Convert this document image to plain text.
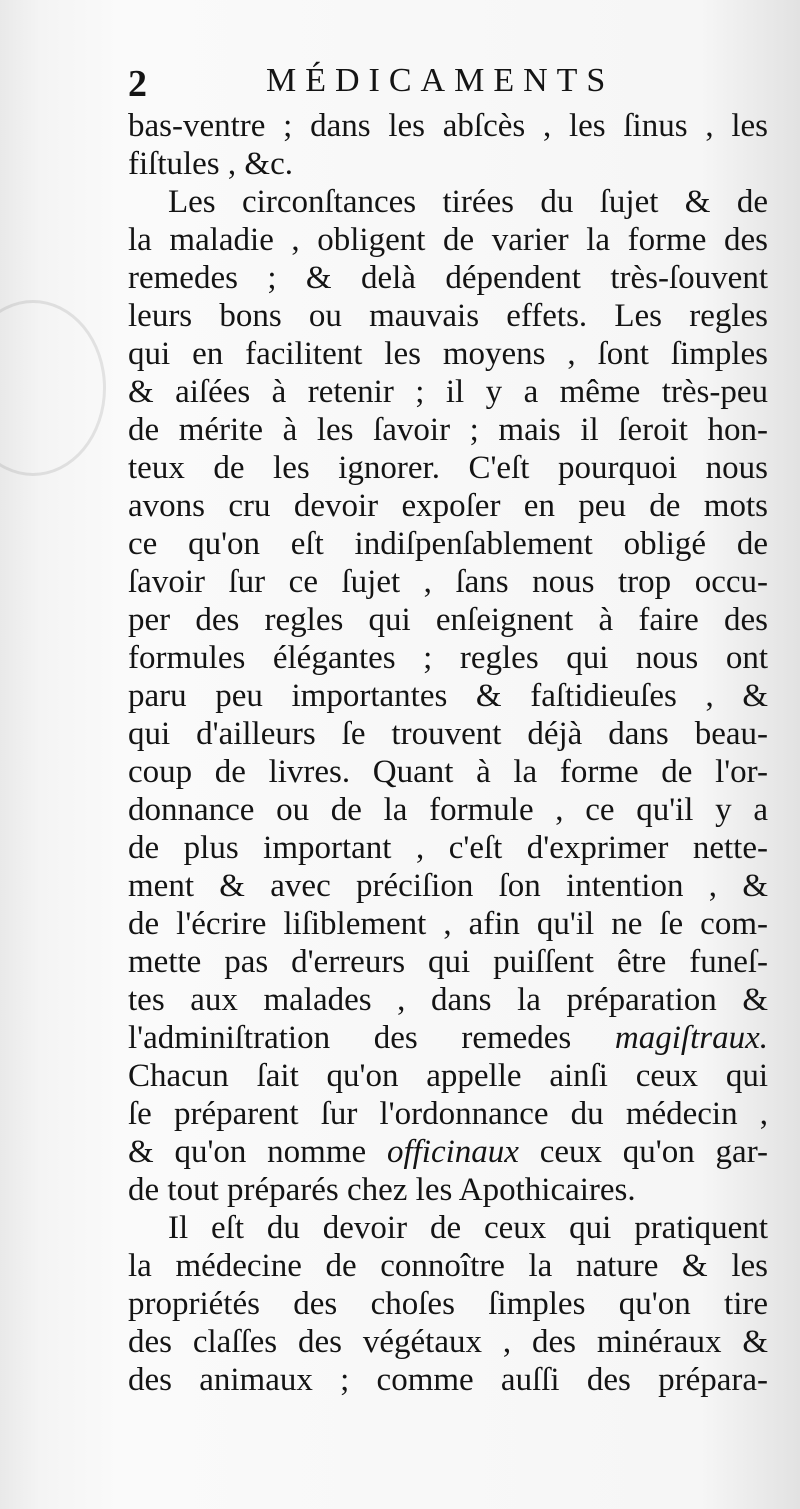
2	MÉDICAMENTS
bas-ventre ; dans les abſcès , les ſinus , les
fiſtules , &c.
Les circonſtances tirées du ſujet & de
la maladie , obligent de varier la forme des
remedes ; & delà dépendent très-ſouvent
leurs bons ou mauvais effets. Les regles
qui en facilitent les moyens , ſont ſimples
& aiſées à retenir ; il y a même très-peu
de mérite à les ſavoir ; mais il ſeroit hon-
teux de les ignorer. C'eſt pourquoi nous
avons cru devoir expoſer en peu de mots
ce qu'on eſt indiſpenſablement obligé de
ſavoir ſur ce ſujet , ſans nous trop occu-
per des regles qui enſeignent à faire des
formules élégantes ; regles qui nous ont
paru peu importantes & faſtidieuſes , &
qui d'ailleurs ſe trouvent déjà dans beau-
coup de livres. Quant à la forme de l'or-
donnance ou de la formule , ce qu'il y a
de plus important , c'eſt d'exprimer nette-
ment & avec préciſion ſon intention , &
de l'écrire liſiblement , afin qu'il ne ſe com-
mette pas d'erreurs qui puiſſent être funeſ-
tes aux malades , dans la préparation &
l'adminiſtration des remedes magiſtraux.
Chacun ſait qu'on appelle ainſi ceux qui
ſe préparent ſur l'ordonnance du médecin ,
& qu'on nomme officinaux ceux qu'on gar-
de tout préparés chez les Apothicaires.
Il eſt du devoir de ceux qui pratiquent
la médecine de connoître la nature & les
propriétés des choſes ſimples qu'on tire
des claſſes des végétaux , des minéraux &
des animaux ; comme auſſi des prépara-
